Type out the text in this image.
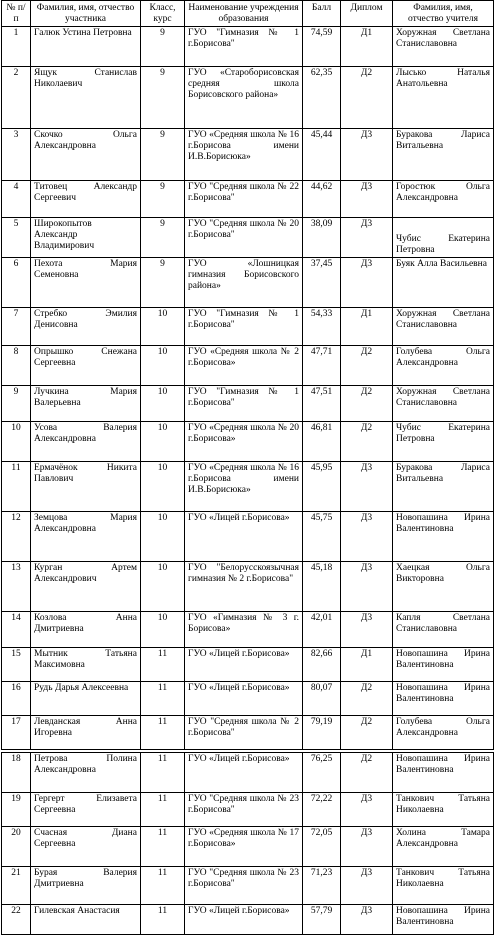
№ п/п	Фамилия, имя, отчество участника	Класс, курс	Наименование учреждения образования	Балл	Диплом	Фамилия, имя, отчество учителя
1	Галюк Устина Петровна	9	ГУО "Гимназия № 1 г.Борисова"	74,59	Д1	Хоружная Светлана Станиславовна
2	Ящук Станислав Николаевич	9	ГУО «Старoборисовская средняя школа Борисовского района»	62,35	Д2	Лысько Наталья Анатольевна
3	Скочко Ольга Александровна	9	ГУО «Средняя школа № 16 г.Борисова имени И.В.Борисюка»	45,44	Д3	Буракова Лариса Витальевна
4	Титовец Александр Сергеевич	9	ГУО "Средняя школа № 22 г.Борисова"	44,62	Д3	Горостюк Ольга Александровна
5	Широкопытов Александр Владимирович	9	ГУО "Средняя школа № 20 г.Борисова"	38,09	Д3	Чубис Екатерина Петровна
6	Пехота Мария Семеновна	9	ГУО «Лошницкая гимназия Борисовского района»	37,45	Д3	Буяк Алла Васильевна
7	Стребко Эмилия Денисовна	10	ГУО "Гимназия № 1 г.Борисова"	54,33	Д1	Хоружная Светлана Станиславовна
8	Опрышко Снежана Сергеевна	10	ГУО «Средняя школа № 2 г.Борисова»	47,71	Д2	Голубева Ольга Александровна
9	Лучкина Мария Валерьевна	10	ГУО "Гимназия № 1 г.Борисова"	47,51	Д2	Хоружная Светлана Станиславовна
10	Усова Валерия Александровна	10	ГУО «Средняя школа № 20 г.Борисова»	46,81	Д2	Чубис Екатерина Петровна
11	Ермачёнок Никита Павлович	10	ГУО «Средняя школа № 16 г.Борисова имени И.В.Борисюка»	45,95	Д3	Буракова Лариса Витальевна
12	Земцова Мария Александровна	10	ГУО «Лицей г.Борисова»	45,75	Д3	Новопашина Ирина Валентиновна
13	Курган Артем Александрович	10	ГУО "Белорусскоязычная гимназия № 2 г.Борисова"	45,18	Д3	Хаецкая Ольга Викторовна
14	Козлова Анна Дмитриевна	10	ГУО «Гимназия № 3 г. Борисова»	42,01	Д3	Капля Светлана Станиславовна
15	Мытник Татьяна Максимовна	11	ГУО «Лицей г.Борисова»	82,66	Д1	Новопашина Ирина Валентиновна
16	Рудь Дарья Алексеевна	11	ГУО «Лицей г.Борисова»	80,07	Д2	Новопашина Ирина Валентиновна
17	Левданская Анна Игоревна	11	ГУО "Средняя школа № 2 г.Борисова"	79,19	Д2	Голубева Ольга Александровна

18	Петрова Полина Александровна	11	ГУО «Лицей г.Борисова»	76,25	Д2	Новопашина Ирина Валентиновна
19	Гергерт Елизавета Сергеевна	11	ГУО "Средняя школа № 23 г.Борисова"	72,22	Д3	Танкович Татьяна Николаевна
20	Счасная Диана Сергеевна	11	ГУО «Средняя школа № 17 г.Борисова»	72,05	Д3	Холина Тамара Александровна
21	Бурая Валерия Дмитриевна	11	ГУО "Средняя школа № 23 г.Борисова"	71,23	Д3	Танкович Татьяна Николаевна
22	Гилевская Анастасия	11	ГУО «Лицей г.Борисова»	57,79	Д3	Новопашина Ирина Валентиновна
